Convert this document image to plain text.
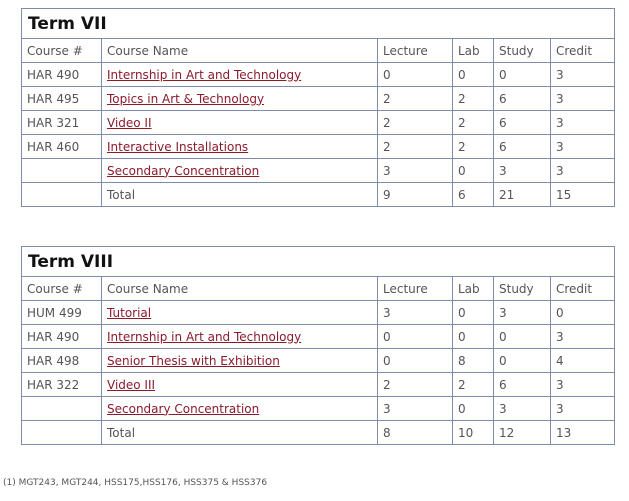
Term VII					
Course #	Course Name	Lecture	Lab	Study	Credit
HAR 490	Internship in Art and Technology	0	0	0	3
HAR 495	Topics in Art & Technology	2	2	6	3
HAR 321	Video II	2	2	6	3
HAR 460	Interactive Installations	2	2	6	3
	Secondary Concentration	3	0	3	3
	Total	9	6	21	15
Term VIII					
Course #	Course Name	Lecture	Lab	Study	Credit
HUM 499	Tutorial	3	0	3	0
HAR 490	Internship in Art and Technology	0	0	0	3
HAR 498	Senior Thesis with Exhibition	0	8	0	4
HAR 322	Video III	2	2	6	3
	Secondary Concentration	3	0	3	3
	Total	8	10	12	13
(1) MGT243, MGT244, HSS175,HSS176, HSS375 & HSS376
